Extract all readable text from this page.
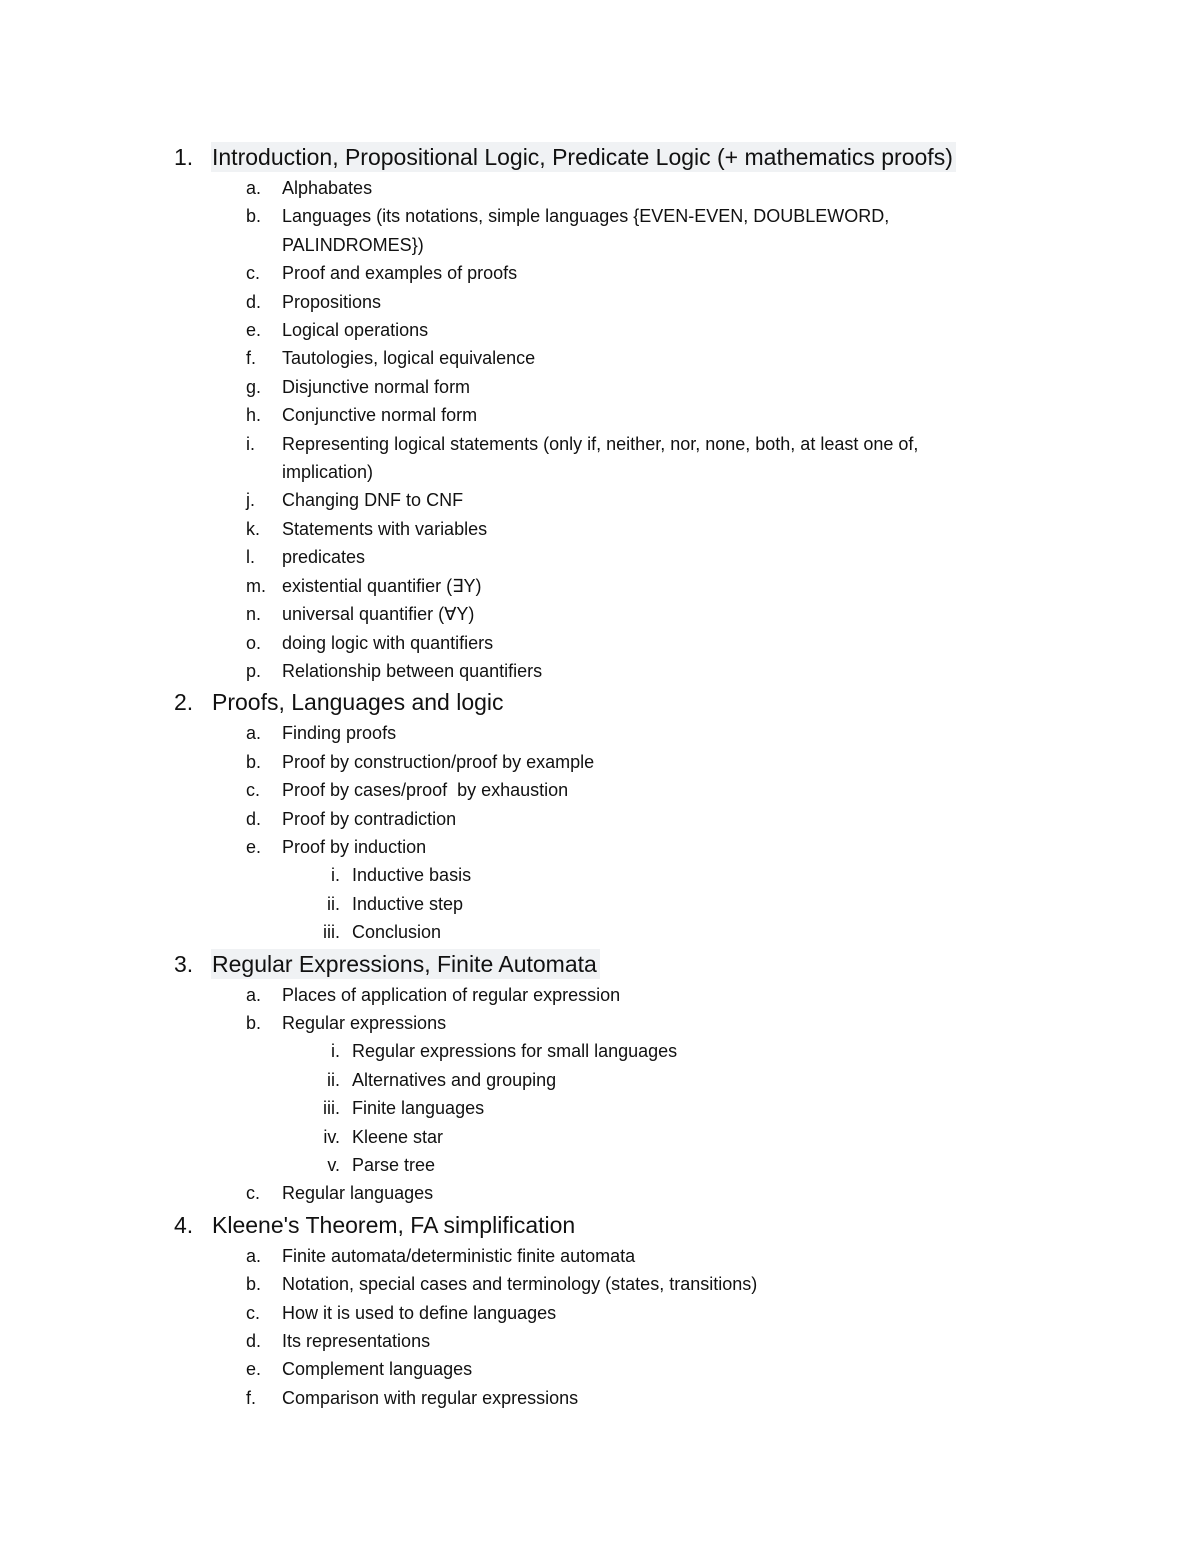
1. Introduction, Propositional Logic, Predicate Logic (+ mathematics proofs)
a. Alphabates
b. Languages (its notations, simple languages {EVEN-EVEN, DOUBLEWORD, PALINDROMES})
c. Proof and examples of proofs
d. Propositions
e. Logical operations
f. Tautologies, logical equivalence
g. Disjunctive normal form
h. Conjunctive normal form
i. Representing logical statements (only if, neither, nor, none, both, at least one of, implication)
j. Changing DNF to CNF
k. Statements with variables
l. predicates
m. existential quantifier (∃Y)
n. universal quantifier (∀Y)
o. doing logic with quantifiers
p. Relationship between quantifiers
2. Proofs, Languages and logic
a. Finding proofs
b. Proof by construction/proof by example
c. Proof by cases/proof  by exhaustion
d. Proof by contradiction
e. Proof by induction
i. Inductive basis
ii. Inductive step
iii. Conclusion
3. Regular Expressions, Finite Automata
a. Places of application of regular expression
b. Regular expressions
i. Regular expressions for small languages
ii. Alternatives and grouping
iii. Finite languages
iv. Kleene star
v. Parse tree
c. Regular languages
4. Kleene's Theorem, FA simplification
a. Finite automata/deterministic finite automata
b. Notation, special cases and terminology (states, transitions)
c. How it is used to define languages
d. Its representations
e. Complement languages
f. Comparison with regular expressions
